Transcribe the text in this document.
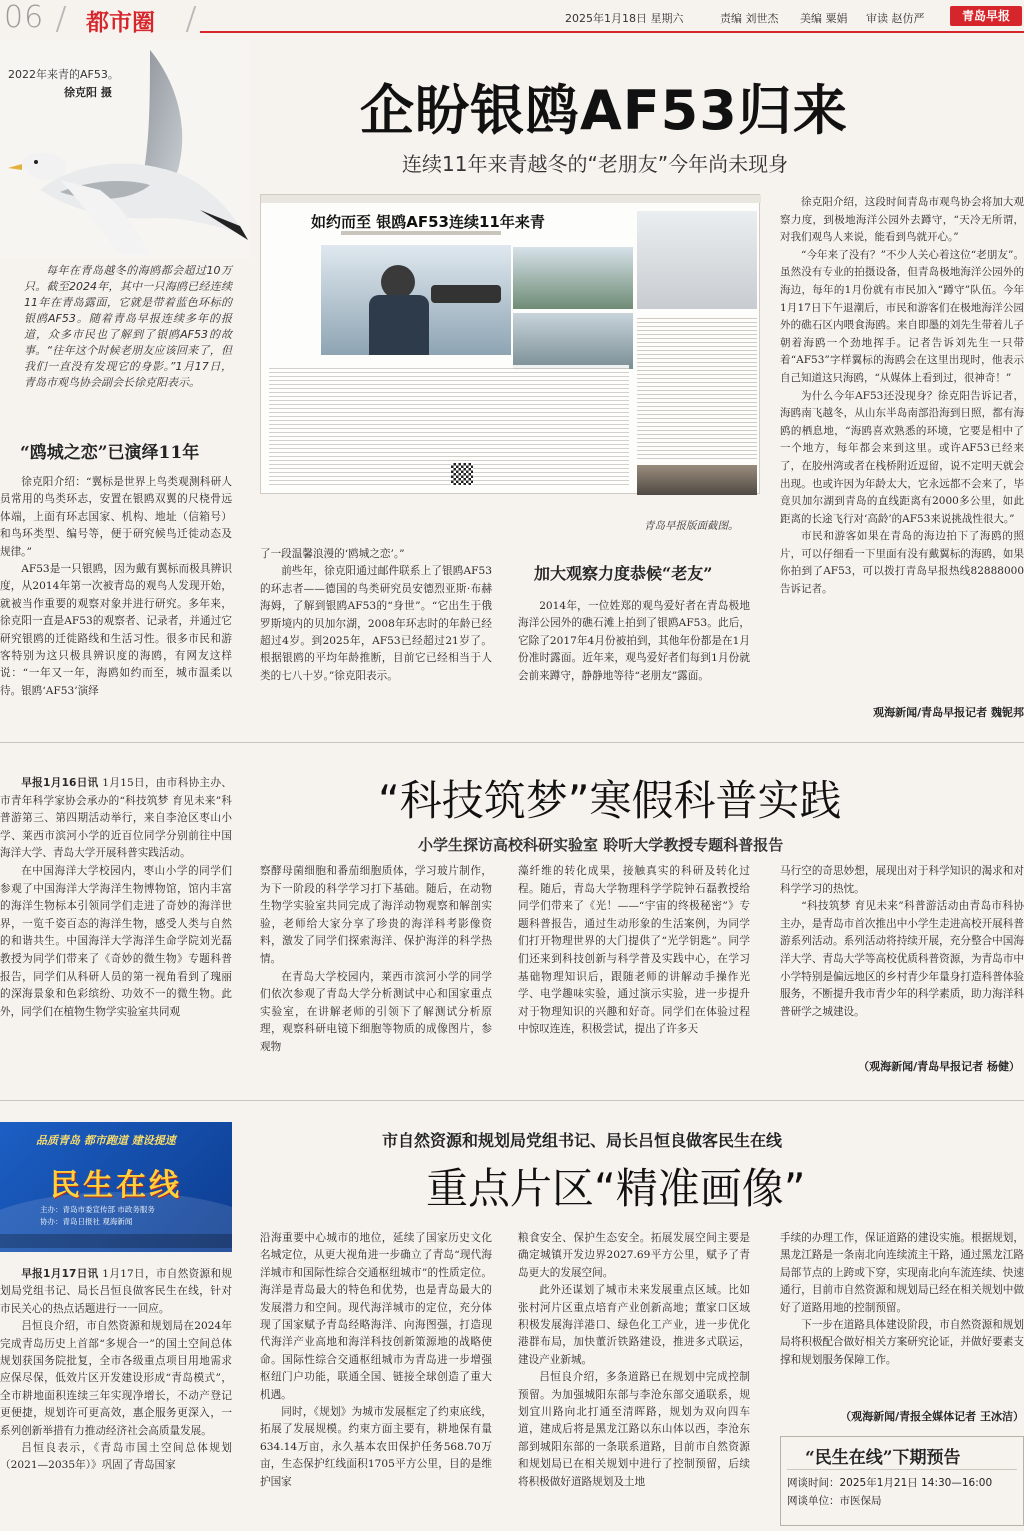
06 都市圈	2025年1月18日 星期六	责编 刘世杰 美编 粟娟 审读 赵仿严	青岛早报
2022年来青的AF53。
徐克阳 摄	企盼银鸥AF53归来
连续11年来青越冬的“老朋友”今年尚未现身

每年在青岛越冬的海鸥都会超过10万只。截至2024年，其中一只海鸥已经连续11年在青岛露面，它就是带着蓝色环标的银鸥AF53。随着青岛早报连续多年的报道，众多市民也了解到了银鸥AF53的故事。“往年这个时候老朋友应该回来了，但我们一直没有发现它的身影。”1月17日，青岛市观鸟协会副会长徐克阳表示。

“鸥城之恋”已演绎11年

徐克阳介绍：“翼标是世界上鸟类观测科研人员常用的鸟类环志，安置在银鸥双翼的尺桡骨远体端，上面有环志国家、机构、地址（信箱号）和鸟环类型、编号等，便于研究候鸟迁徙动态及规律。”

AF53是一只银鸥，因为戴有翼标而极具辨识度，从2014年第一次被青岛的观鸟人发现开始，就被当作重要的观察对象并进行研究。多年来，徐克阳一直是AF53的观察者、记录者，并通过它研究银鸥的迁徙路线和生活习性。很多市民和游客特别为这只极具辨识度的海鸥，有网友这样说：“一年又一年，海鸥如约而至，城市温柔以待。银鸥‘AF53’演绎

如约而至 银鸥AF53连续11年来青
青岛早报版面截图。

了一段温馨浪漫的‘鸥城之恋’。”

前些年，徐克阳通过邮件联系上了银鸥AF53的环志者——德国的鸟类研究员安德烈亚斯·布赫海姆，了解到银鸥AF53的“身世”。“它出生于俄罗斯境内的贝加尔湖，2008年环志时的年龄已经超过4岁。到2025年，AF53已经超过21岁了。根据银鸥的平均年龄推断，目前它已经相当于人类的七八十岁。”徐克阳表示。

加大观察力度恭候“老友”

2014年，一位姓郑的观鸟爱好者在青岛极地海洋公园外的礁石滩上拍到了银鸥AF53。此后，它除了2017年4月份被拍到，其他年份都是在1月份准时露面。近年来，观鸟爱好者们每到1月份就会前来蹲守，静静地等待“老朋友”露面。

徐克阳介绍，这段时间青岛市观鸟协会将加大观察力度，到极地海洋公园外去蹲守，“天冷无所谓，对我们观鸟人来说，能看到鸟就开心。”

“今年来了没有？”不少人关心着这位“老朋友”。虽然没有专业的拍摄设备，但青岛极地海洋公园外的海边，每年的1月份就有市民加入“蹲守”队伍。今年1月17日下午退潮后，市民和游客们在极地海洋公园外的礁石区内喂食海鸥。来自即墨的刘先生带着儿子朝着海鸥一个劲地挥手。记者告诉刘先生一只带着“AF53”字样翼标的海鸥会在这里出现时，他表示自己知道这只海鸥，“从媒体上看到过，很神奇！”

为什么今年AF53还没现身？徐克阳告诉记者，海鸥南飞越冬，从山东半岛南部沿海到日照，都有海鸥的栖息地，“海鸥喜欢熟悉的环境，它要是相中了一个地方，每年都会来到这里。或许AF53已经来了，在胶州湾或者在栈桥附近逗留，说不定明天就会出现。也或许因为年龄太大，它永远都不会来了，毕竟贝加尔湖到青岛的直线距离有2000多公里，如此距离的长途飞行对‘高龄’的AF53来说挑战性很大。”

市民和游客如果在青岛的海边拍下了海鸥的照片，可以仔细看一下里面有没有戴翼标的海鸥，如果你拍到了AF53，可以拨打青岛早报热线82888000告诉记者。

观海新闻/青岛早报记者 魏铌邦

早报1月16日讯 1月15日，由市科协主办、市青年科学家协会承办的“科技筑梦 育见未来”科普游第三、第四期活动举行，来自李沧区枣山小学、莱西市滨河小学的近百位同学分别前往中国海洋大学、青岛大学开展科普实践活动。

在中国海洋大学校园内，枣山小学的同学们参观了中国海洋大学海洋生物博物馆，馆内丰富的海洋生物标本引领同学们走进了奇妙的海洋世界，一览千姿百态的海洋生物，感受人类与自然的和谐共生。中国海洋大学海洋生命学院刘光磊教授为同学们带来了《奇妙的微生物》专题科普报告，同学们从科研人员的第一视角看到了瑰丽的深海景象和色彩缤纷、功效不一的微生物。此外，同学们在植物生物学实验室共同观

“科技筑梦”寒假科普实践
小学生探访高校科研实验室 聆听大学教授专题科普报告

察酵母菌细胞和番茄细胞质体，学习玻片制作，为下一阶段的科学学习打下基础。随后，在动物生物学实验室共同完成了海洋动物观察和解剖实验，老师给大家分享了珍贵的海洋科考影像资料，激发了同学们探索海洋、保护海洋的科学热情。

在青岛大学校园内，莱西市滨河小学的同学们依次参观了青岛大学分析测试中心和国家重点实验室，在讲解老师的引领下了解测试分析原理，观察科研电镜下细胞等物质的成像图片，参观物

藻纤维的转化成果，接触真实的科研及转化过程。随后，青岛大学物理科学学院钟石磊教授给同学们带来了《光！——“宇宙的终极秘密”》专题科普报告，通过生动形象的生活案例，为同学们打开物理世界的大门提供了“光学钥匙”。同学们还来到科技创新与科学普及实践中心，在学习基础物理知识后，跟随老师的讲解动手操作光学、电学趣味实验，通过演示实验，进一步提升对于物理知识的兴趣和好奇。同学们在体验过程中惊叹连连，积极尝试，提出了许多天

马行空的奇思妙想，展现出对于科学知识的渴求和对科学学习的热忱。

“科技筑梦 育见未来”科普游活动由青岛市科协主办，是青岛市首次推出中小学生走进高校开展科普游系列活动。系列活动将持续开展，充分整合中国海洋大学、青岛大学等高校优质科普资源，为青岛市中小学特别是偏远地区的乡村青少年量身打造科普体验服务，不断提升我市青少年的科学素质，助力海洋科普研学之城建设。

（观海新闻/青岛早报记者 杨健）
品质青岛 都市跑道 建设提速
民生在线
主办：青岛市委宣传部 市政务服务
协办：青岛日报社 观海新闻

早报1月17日讯 1月17日，市自然资源和规划局党组书记、局长吕恒良做客民生在线，针对市民关心的热点话题进行一一回应。

吕恒良介绍，市自然资源和规划局在2024年完成青岛历史上首部“多规合一”的国土空间总体规划获国务院批复，全市各级重点项目用地需求应保尽保，低效片区开发建设形成“青岛模式”，全市耕地面积连续三年实现净增长，不动产登记更便捷，规划许可更高效，惠企服务更深入，一系列创新举措有力推动经济社会高质量发展。

吕恒良表示，《青岛市国土空间总体规划（2021—2035年）》巩固了青岛国家

市自然资源和规划局党组书记、局长吕恒良做客民生在线
重点片区“精准画像”

沿海重要中心城市的地位，延续了国家历史文化名城定位，从更大视角进一步确立了青岛“现代海洋城市和国际性综合交通枢纽城市”的性质定位。海洋是青岛最大的特色和优势，也是青岛最大的发展潜力和空间。现代海洋城市的定位，充分体现了国家赋予青岛经略海洋、向海图强，打造现代海洋产业高地和海洋科技创新策源地的战略使命。国际性综合交通枢纽城市为青岛进一步增强枢纽门户功能，联通全国、链接全球创造了重大机遇。

同时，《规划》为城市发展框定了约束底线，拓展了发展规模。约束方面主要有，耕地保有量634.14万亩，永久基本农田保护任务568.70万亩，生态保护红线面积1705平方公里，目的是维护国家

粮食安全、保护生态安全。拓展发展空间主要是确定城镇开发边界2027.69平方公里，赋予了青岛更大的发展空间。

此外还谋划了城市未来发展重点区域。比如张村河片区重点培育产业创新高地；董家口区域积极发展海洋港口、绿色化工产业，进一步优化港群布局，加快董沂铁路建设，推进多式联运，建设产业新城。

吕恒良介绍，多条道路已在规划中完成控制预留。为加强城阳东部与李沧东部交通联系，规划宜川路向北打通至清晖路，规划为双向四车道，建成后将是黑龙江路以东山体以西，李沧东部到城阳东部的一条联系道路，目前市自然资源和规划局已在相关规划中进行了控制预留，后续将积极做好道路规划及土地

手续的办理工作，保证道路的建设实施。根据规划，黑龙江路是一条南北向连续流主干路，通过黑龙江路局部节点的上跨或下穿，实现南北向车流连续、快速通行，目前市自然资源和规划局已经在相关规划中做好了道路用地的控制预留。

下一步在道路具体建设阶段，市自然资源和规划局将积极配合做好相关方案研究论证，并做好要素支撑和规划服务保障工作。

（观海新闻/青报全媒体记者 王冰洁）
“民生在线”下期预告
网谈时间：2025年1月21日 14:30—16:00
网谈单位：市医保局
